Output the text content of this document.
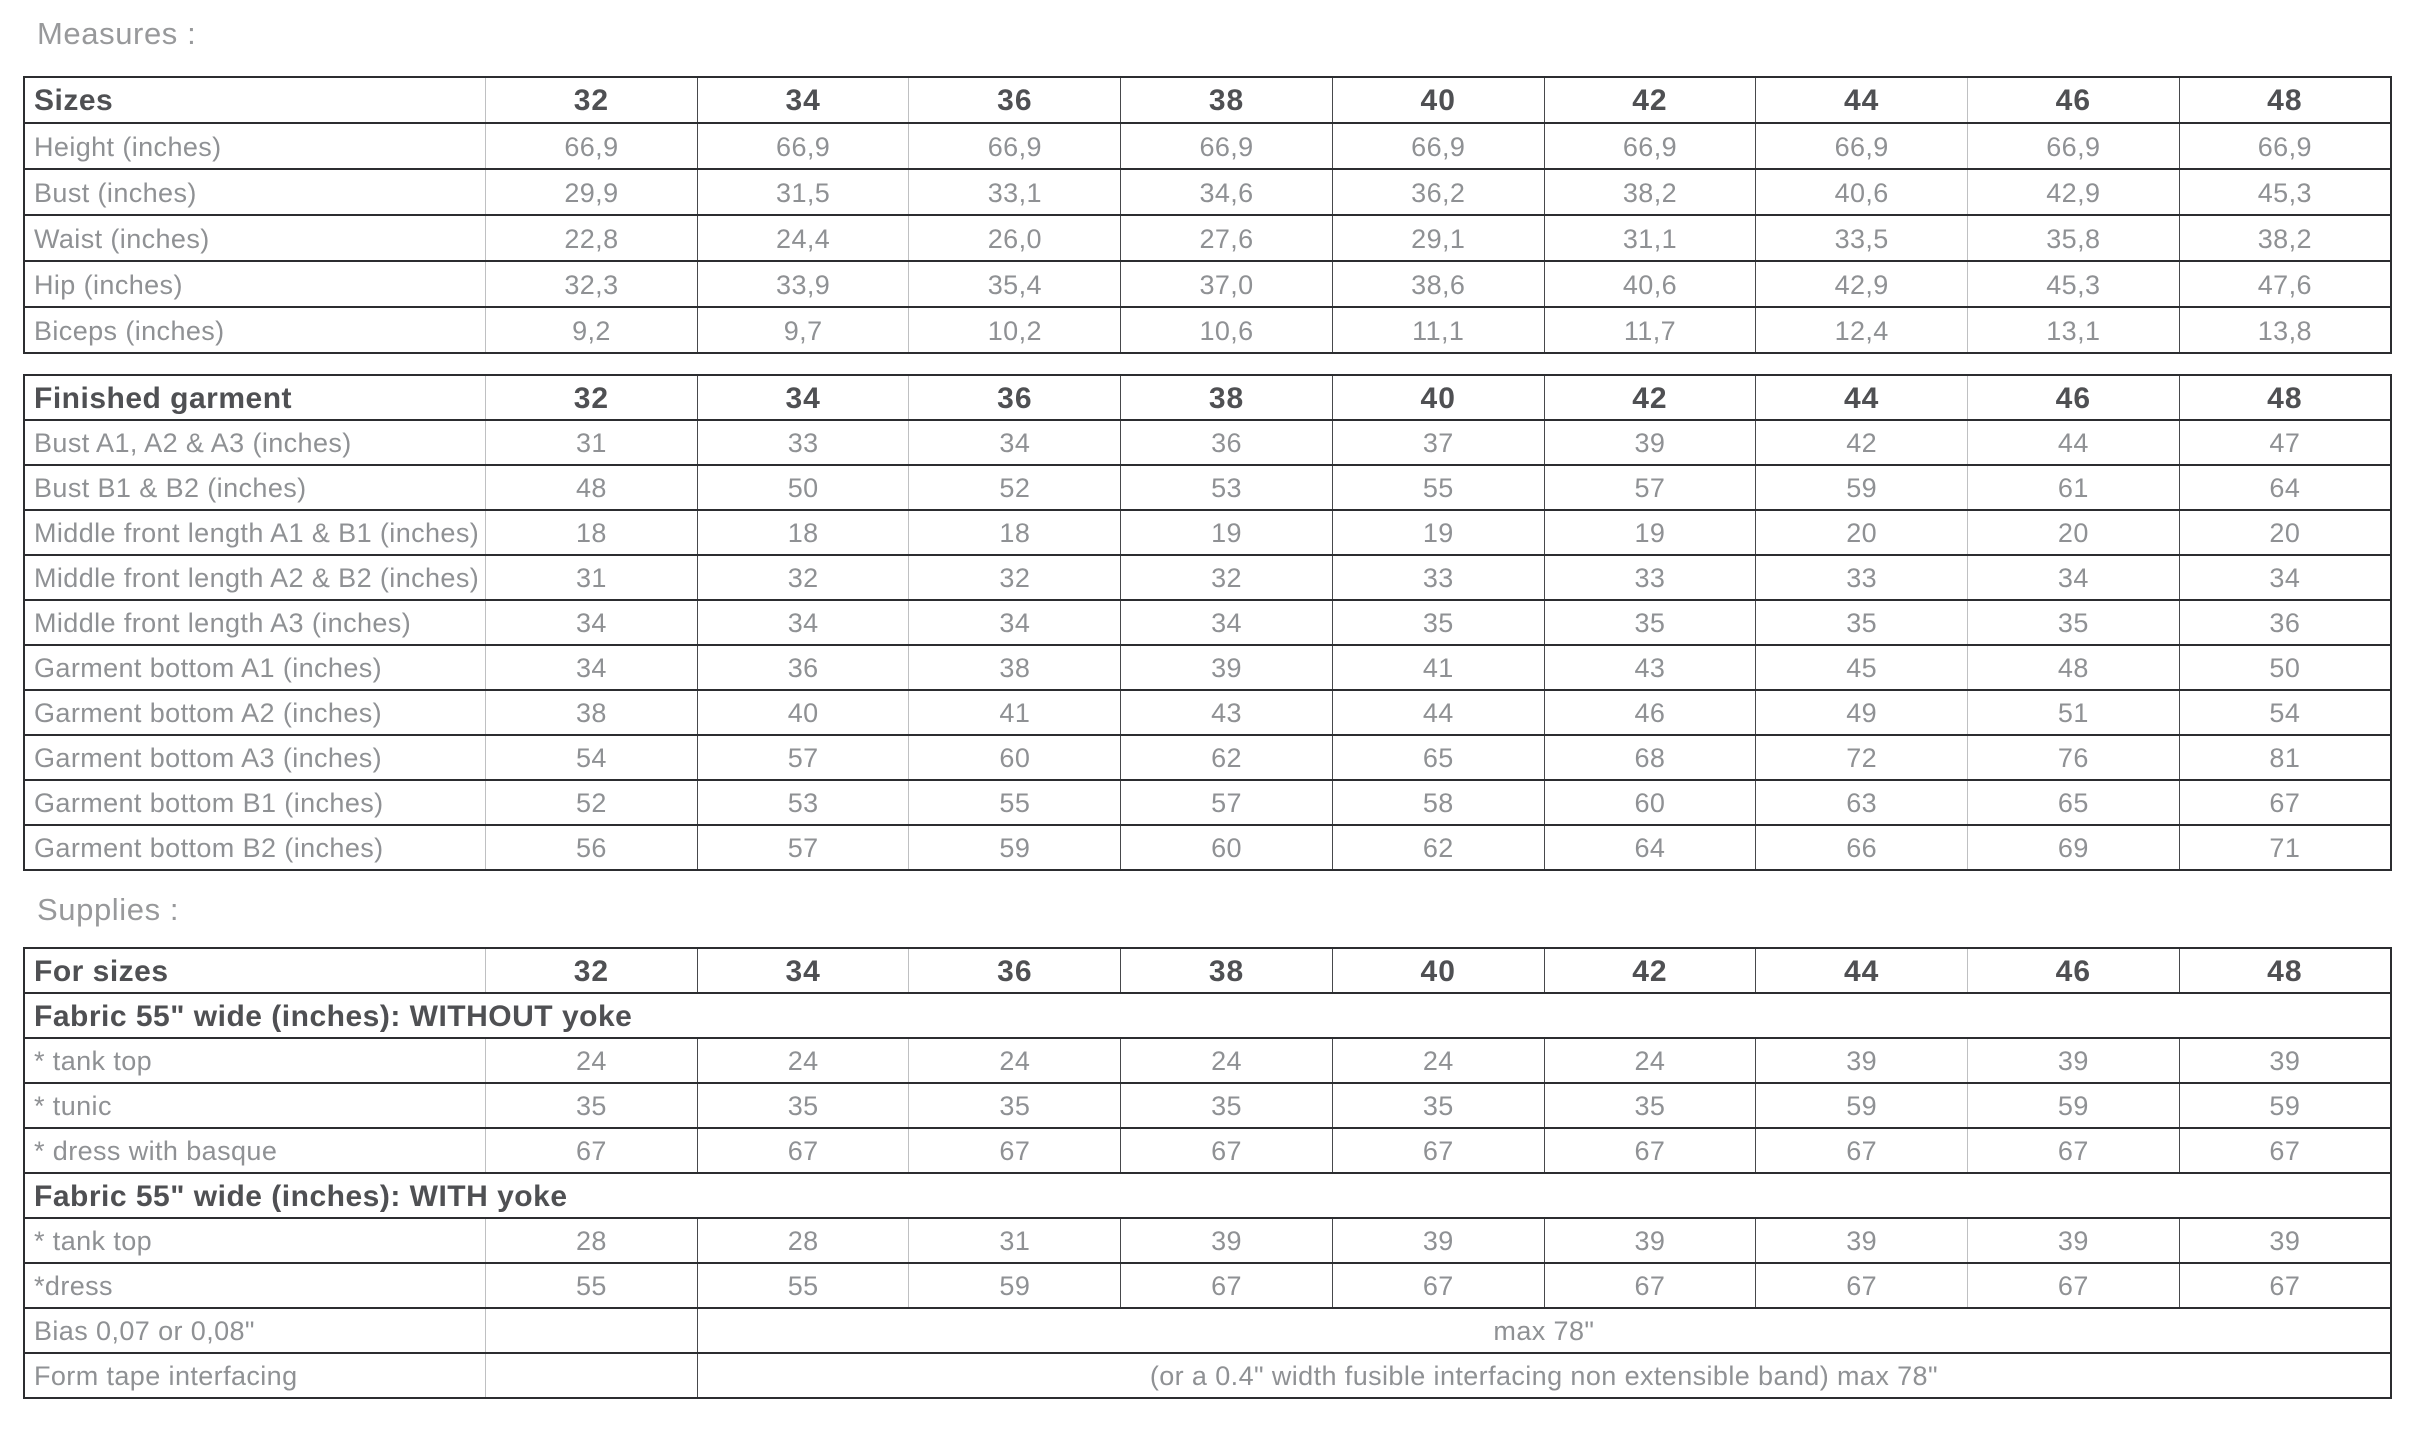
Measures :
Sizes	32	34	36	38	40	42	44	46	48
Height (inches)	66,9	66,9	66,9	66,9	66,9	66,9	66,9	66,9	66,9
Bust (inches)	29,9	31,5	33,1	34,6	36,2	38,2	40,6	42,9	45,3
Waist (inches)	22,8	24,4	26,0	27,6	29,1	31,1	33,5	35,8	38,2
Hip (inches)	32,3	33,9	35,4	37,0	38,6	40,6	42,9	45,3	47,6
Biceps (inches)	9,2	9,7	10,2	10,6	11,1	11,7	12,4	13,1	13,8
Finished garment	32	34	36	38	40	42	44	46	48
Bust A1, A2 & A3 (inches)	31	33	34	36	37	39	42	44	47
Bust B1 & B2 (inches)	48	50	52	53	55	57	59	61	64
Middle front length A1 & B1 (inches)	18	18	18	19	19	19	20	20	20
Middle front length A2 & B2 (inches)	31	32	32	32	33	33	33	34	34
Middle front length A3 (inches)	34	34	34	34	35	35	35	35	36
Garment bottom A1 (inches)	34	36	38	39	41	43	45	48	50
Garment bottom A2 (inches)	38	40	41	43	44	46	49	51	54
Garment bottom A3 (inches)	54	57	60	62	65	68	72	76	81
Garment bottom B1 (inches)	52	53	55	57	58	60	63	65	67
Garment bottom B2 (inches)	56	57	59	60	62	64	66	69	71
Supplies :
For sizes	32	34	36	38	40	42	44	46	48
Fabric 55" wide (inches): WITHOUT yoke									
* tank top	24	24	24	24	24	24	39	39	39
* tunic	35	35	35	35	35	35	59	59	59
* dress with basque	67	67	67	67	67	67	67	67	67
Fabric 55" wide (inches): WITH yoke									
* tank top	28	28	31	39	39	39	39	39	39
*dress	55	55	59	67	67	67	67	67	67
Bias 0,07 or 0,08"		max 78"							
Form tape interfacing		(or a 0.4" width fusible interfacing non extensible band) max 78"							
